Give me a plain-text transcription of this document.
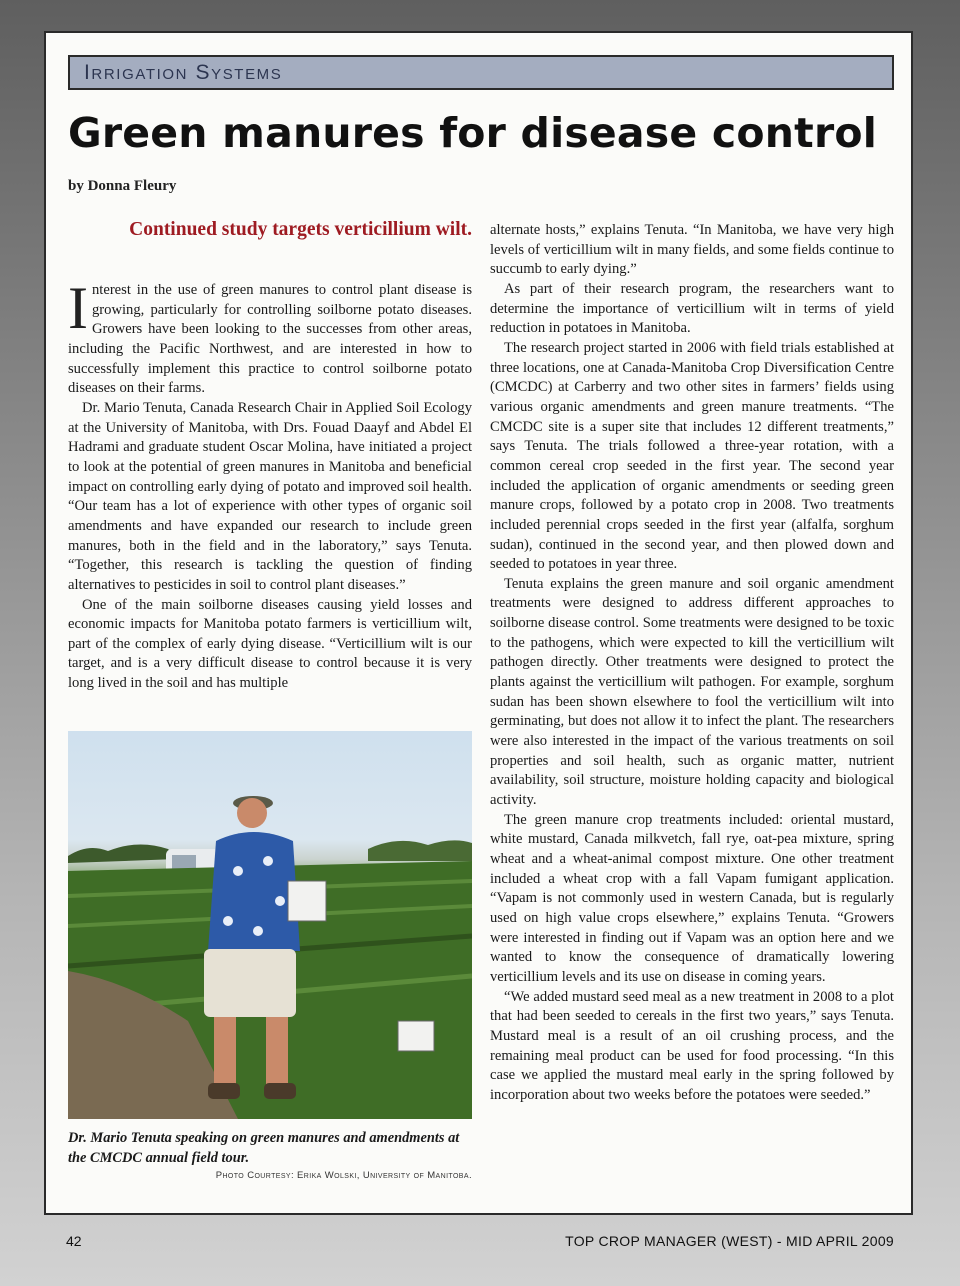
Irrigation Systems
Green manures for disease control
by Donna Fleury
Continued study targets verticillium wilt.

Interest in the use of green manures to control plant disease is growing, particularly for controlling soilborne potato diseases. Growers have been looking to the successes from other areas, including the Pacific Northwest, and are interested in how to successfully implement this practice to control soilborne potato diseases on their farms.

Dr. Mario Tenuta, Canada Research Chair in Applied Soil Ecology at the University of Manitoba, with Drs. Fouad Daayf and Abdel El Hadrami and graduate student Oscar Molina, have initiated a project to look at the potential of green manures in Manitoba and beneficial impact on controlling early dying of potato and improved soil health. “Our team has a lot of experience with other types of organic soil amendments and have expanded our research to include green manures, both in the field and in the laboratory,” says Tenuta. “Together, this research is tackling the question of finding alternatives to pesticides in soil to control plant diseases.”

One of the main soilborne diseases causing yield losses and economic impacts for Manitoba potato farmers is verticillium wilt, part of the complex of early dying disease. “Verticillium wilt is our target, and is a very difficult disease to control because it is very long lived in the soil and has multiple

Dr. Mario Tenuta speaking on green manures and amendments at the CMCDC annual field tour.
Photo Courtesy: Erika Wolski, University of Manitoba.

alternate hosts,” explains Tenuta. “In Manitoba, we have very high levels of verticillium wilt in many fields, and some fields continue to succumb to early dying.”

As part of their research program, the researchers want to determine the importance of verticillium wilt in terms of yield reduction in potatoes in Manitoba.

The research project started in 2006 with field trials established at three locations, one at Canada-Manitoba Crop Diversification Centre (CMCDC) at Carberry and two other sites in farmers’ fields using various organic amendments and green manure treatments. “The CMCDC site is a super site that includes 12 different treatments,” says Tenuta. The trials followed a three-year rotation, with a common cereal crop seeded in the first year. The second year included the application of organic amendments or seeding green manure crops, followed by a potato crop in 2008. Two treatments included perennial crops seeded in the first year (alfalfa, sorghum sudan), continued in the second year, and then plowed down and seeded to potatoes in year three.

Tenuta explains the green manure and soil organic amendment treatments were designed to address different approaches to soilborne disease control. Some treatments were designed to be toxic to the pathogens, which were expected to kill the verticillium wilt pathogen directly. Other treatments were designed to protect the plants against the verticillium wilt pathogen. For example, sorghum sudan has been shown elsewhere to fool the verticillium wilt into germinating, but does not allow it to infect the plant. The researchers were also interested in the impact of the various treatments on soil properties and soil health, such as organic matter, nutrient availability, soil structure, moisture holding capacity and biological activity.

The green manure crop treatments included: oriental mustard, white mustard, Canada milkvetch, fall rye, oat-pea mixture, spring wheat and a wheat-animal compost mixture. One other treatment included a wheat crop with a fall Vapam fumigant application. “Vapam is not commonly used in western Canada, but is regularly used on high value crops elsewhere,” explains Tenuta. “Growers were interested in finding out if Vapam was an option here and we wanted to know the consequence of dramatically lowering verticillium levels and its use on disease in coming years.

“We added mustard seed meal as a new treatment in 2008 to a plot that had been seeded to cereals in the first two years,” says Tenuta. Mustard meal is a result of an oil crushing process, and the remaining meal product can be used for food processing. “In this case we applied the mustard meal early in the spring followed by incorporation about two weeks before the potatoes were seeded.”

42	TOP CROP MANAGER (WEST) - MID APRIL 2009
